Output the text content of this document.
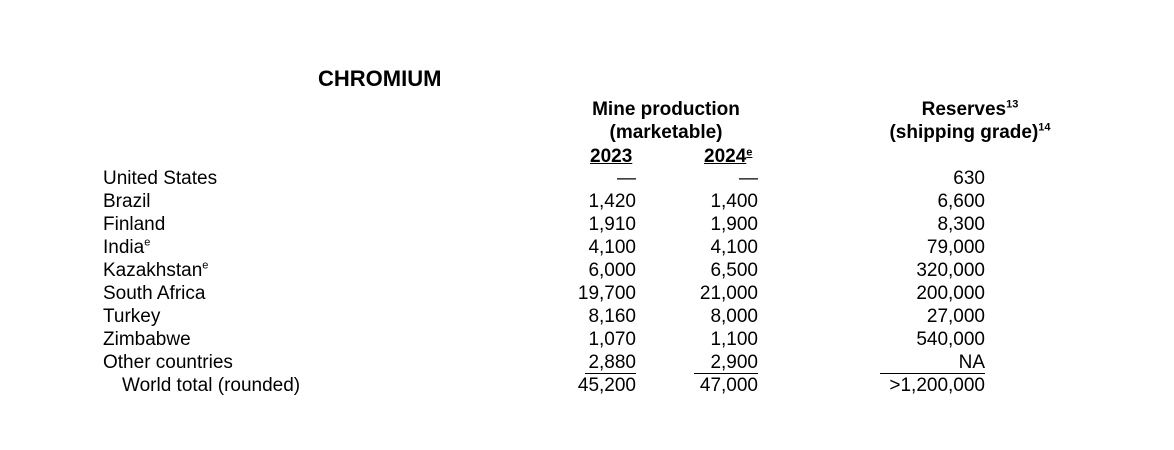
CHROMIUM
Mine production
(marketable)
2023	2024e
Reserves$^{13}$
(shipping grade)$^{14}$
United States	—	—	630
Brazil	1,420	1,400	6,600
Finland	1,910	1,900	8,300
India$^e$	4,100	4,100	79,000
Kazakhstan$^e$	6,000	6,500	320,000
South Africa	19,700	21,000	200,000
Turkey	8,160	8,000	27,000
Zimbabwe	1,070	1,100	540,000
Other countries	2,880	2,900	NA
World total (rounded)	45,200	47,000	>1,200,000
